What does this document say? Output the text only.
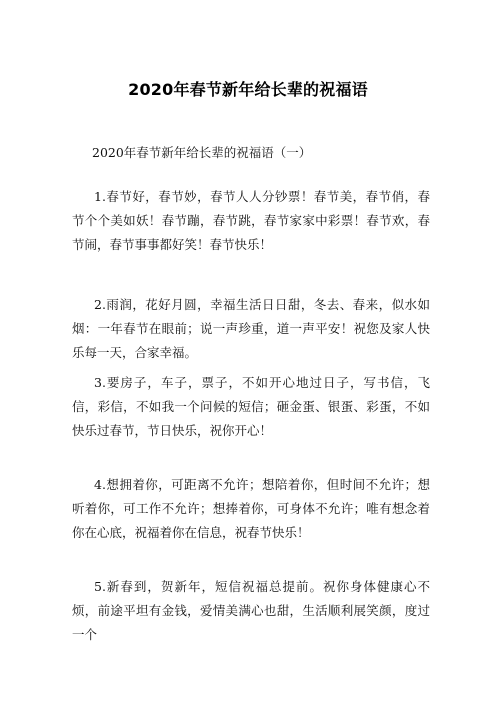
2020年春节新年给长辈的祝福语
2020年春节新年给长辈的祝福语（一）

1.春节好，春节妙，春节人人分钞票！春节美，春节俏，春节个个美如妖！春节蹦，春节跳，春节家家中彩票！春节欢，春节闹，春节事事都好笑！春节快乐！

2.雨润，花好月圆，幸福生活日日甜，冬去、春来，似水如烟：一年春节在眼前；说一声珍重，道一声平安！祝您及家人快乐每一天，合家幸福。

3.要房子，车子，票子，不如开心地过日子，写书信，飞信，彩信，不如我一个问候的短信；砸金蛋、银蛋、彩蛋，不如快乐过春节，节日快乐，祝你开心！

4.想拥着你，可距离不允许；想陪着你，但时间不允许；想听着你，可工作不允许；想捧着你，可身体不允许；唯有想念着你在心底，祝福着你在信息，祝春节快乐！

5.新春到，贺新年，短信祝福总提前。祝你身体健康心不烦，前途平坦有金钱，爱情美满心也甜，生活顺利展笑颜，度过一个
